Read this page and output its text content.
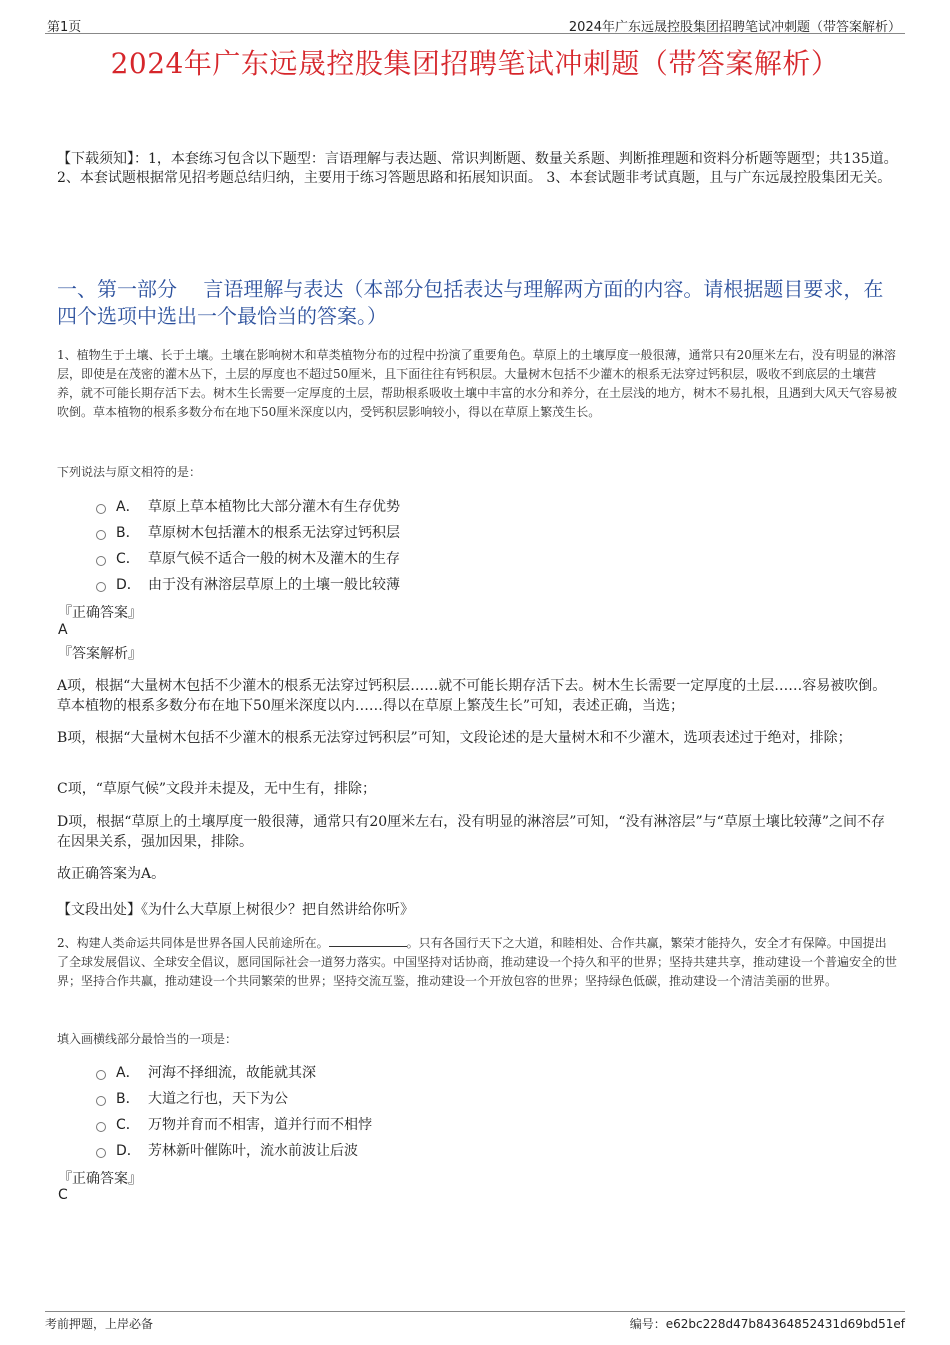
第1页	2024年广东远晟控股集团招聘笔试冲刺题（带答案解析）
2024年广东远晟控股集团招聘笔试冲刺题（带答案解析）
【下载须知】：1，本套练习包含以下题型：言语理解与表达题、常识判断题、数量关系题、判断推理题和资料分析题等题型；共135道。 2、本套试题根据常见招考题总结归纳，主要用于练习答题思路和拓展知识面。 3、本套试题非考试真题，且与广东远晟控股集团无关。
一、第一部分　 言语理解与表达（本部分包括表达与理解两方面的内容。请根据题目要求，在四个选项中选出一个最恰当的答案。）
1、植物生于土壤、长于土壤。土壤在影响树木和草类植物分布的过程中扮演了重要角色。草原上的土壤厚度一般很薄，通常只有20厘米左右，没有明显的淋溶层，即使是在茂密的灌木丛下，土层的厚度也不超过50厘米，且下面往往有钙积层。大量树木包括不少灌木的根系无法穿过钙积层，吸收不到底层的土壤营养，就不可能长期存活下去。树木生长需要一定厚度的土层，帮助根系吸收土壤中丰富的水分和养分，在土层浅的地方，树木不易扎根，且遇到大风天气容易被吹倒。草本植物的根系多数分布在地下50厘米深度以内，受钙积层影响较小，得以在草原上繁茂生长。
下列说法与原文相符的是：
A． 草原上草本植物比大部分灌木有生存优势
B． 草原树木包括灌木的根系无法穿过钙积层
C． 草原气候不适合一般的树木及灌木的生存
D． 由于没有淋溶层草原上的土壤一般比较薄
『正确答案』
A
『答案解析』
A项，根据“大量树木包括不少灌木的根系无法穿过钙积层……就不可能长期存活下去。树木生长需要一定厚度的土层……容易被吹倒。草本植物的根系多数分布在地下50厘米深度以内……得以在草原上繁茂生长”可知，表述正确，当选；
B项，根据“大量树木包括不少灌木的根系无法穿过钙积层”可知，文段论述的是大量树木和不少灌木，选项表述过于绝对，排除；
C项，“草原气候”文段并未提及，无中生有，排除；
D项，根据“草原上的土壤厚度一般很薄，通常只有20厘米左右，没有明显的淋溶层”可知，“没有淋溶层”与“草原土壤比较薄”之间不存在因果关系，强加因果，排除。
故正确答案为A。
【文段出处】《为什么大草原上树很少？把自然讲给你听》
2、构建人类命运共同体是世界各国人民前途所在。	。只有各国行天下之大道，和睦相处、合作共赢，繁荣才能持久，安全才有保障。中国提出了全球发展倡议、全球安全倡议，愿同国际社会一道努力落实。中国坚持对话协商，推动建设一个持久和平的世界；坚持共建共享，推动建设一个普遍安全的世界；坚持合作共赢，推动建设一个共同繁荣的世界；坚持交流互鉴，推动建设一个开放包容的世界；坚持绿色低碳，推动建设一个清洁美丽的世界。
填入画横线部分最恰当的一项是：
A． 河海不择细流，故能就其深
B． 大道之行也，天下为公
C． 万物并育而不相害，道并行而不相悖
D． 芳林新叶催陈叶，流水前波让后波
『正确答案』
C
考前押题，上岸必备	编号：e62bc228d47b84364852431d69bd51ef
